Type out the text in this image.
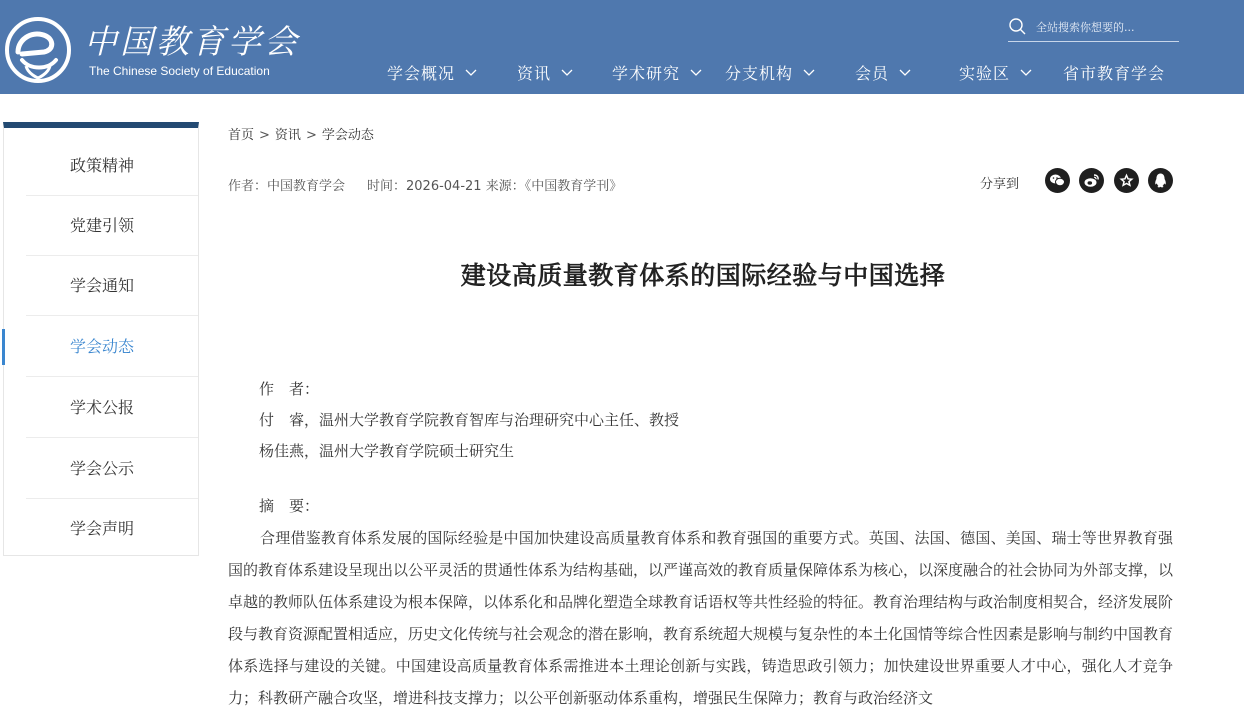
中国教育学会
The Chinese Society of Education
全站搜索你想要的...	学会概况	资讯	学术研究	分支机构	会员	实验区	省市教育学会
政策精神
党建引领
学会通知
学会动态
学术公报
学会公示
学会声明
首页 > 资讯 > 学会动态
作者：中国教育学会 时间：2026-04-21 来源：《中国教育学刊》	分享到
建设高质量教育体系的国际经验与中国选择
作　者：
付　睿，温州大学教育学院教育智库与治理研究中心主任、教授
杨佳燕，温州大学教育学院硕士研究生
摘　要：
合理借鉴教育体系发展的国际经验是中国加快建设高质量教育体系和教育强国的重要方式。英国、法国、德国、美国、瑞士等世界教育强国的教育体系建设呈现出以公平灵活的贯通性体系为结构基础，以严谨高效的教育质量保障体系为核心，以深度融合的社会协同为外部支撑，以卓越的教师队伍体系建设为根本保障，以体系化和品牌化塑造全球教育话语权等共性经验的特征。教育治理结构与政治制度相契合，经济发展阶段与教育资源配置相适应，历史文化传统与社会观念的潜在影响，教育系统超大规模与复杂性的本土化国情等综合性因素是影响与制约中国教育体系选择与建设的关键。中国建设高质量教育体系需推进本土理论创新与实践，铸造思政引领力；加快建设世界重要人才中心，强化人才竞争力；科教研产融合攻坚，增进科技支撑力；以公平创新驱动体系重构，增强民生保障力；教育与政治经济文
